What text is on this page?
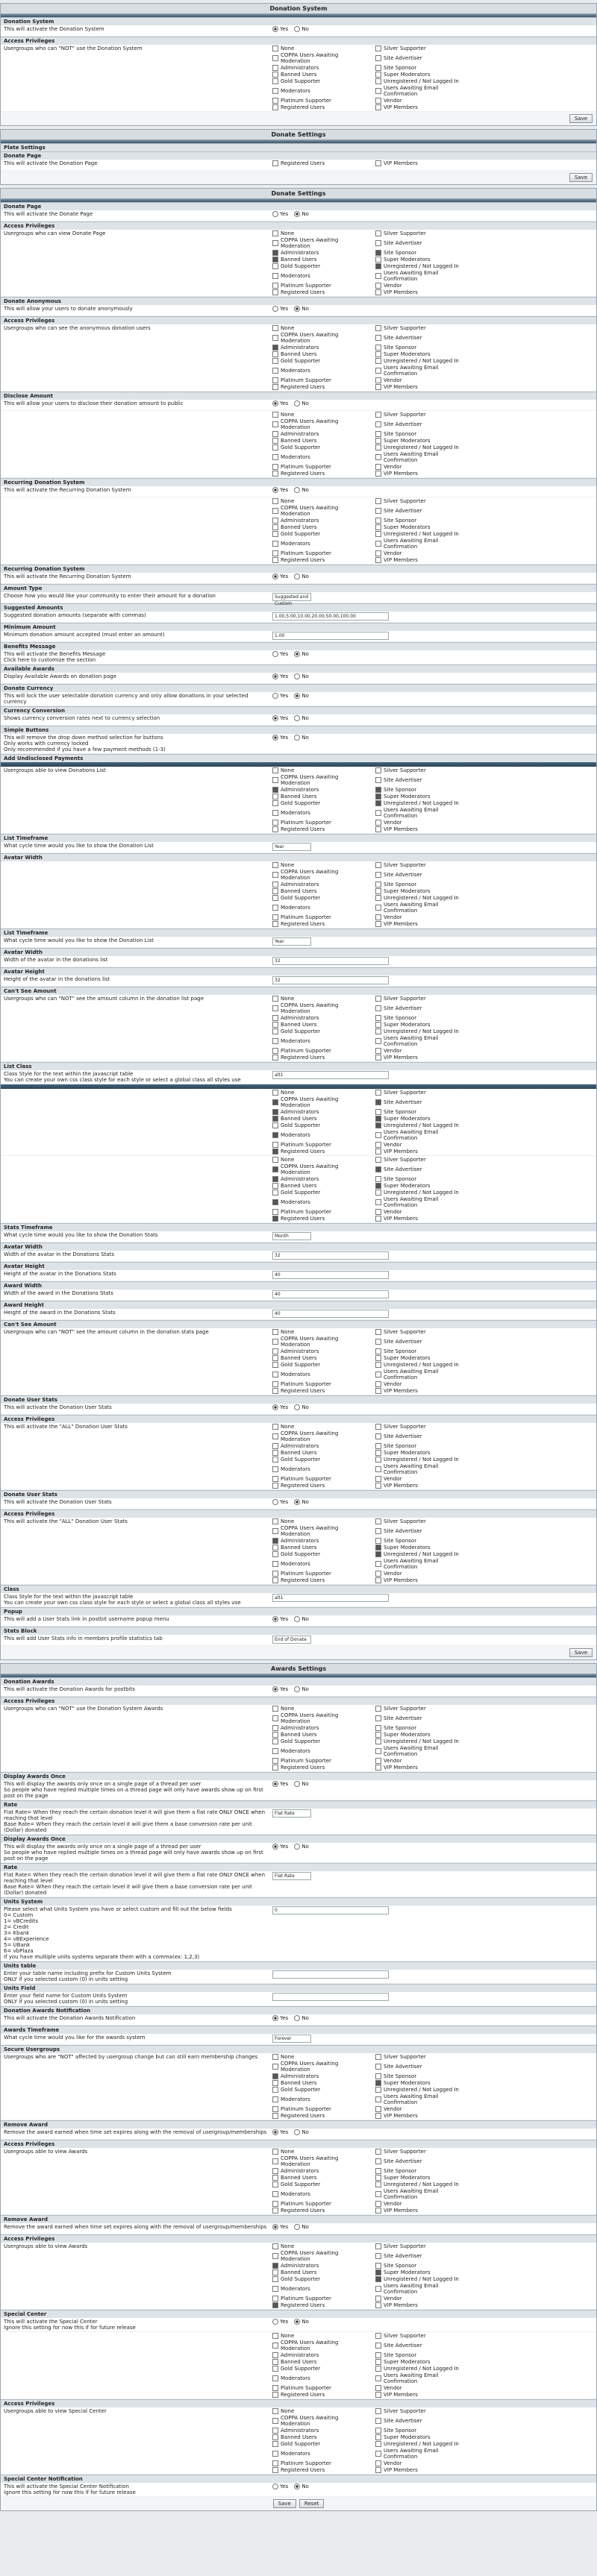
Donation System
Donation System
This will activate the Donation System	Yes	No
Access Privileges
Usergroups who can "NOT" use the Donation System	None	Silver Supporter
COPPA Users Awaiting Moderation	Site Advertiser
Administrators	Site Sponsor
Banned Users	Super Moderators
Gold Supporter	Unregistered / Not Logged In
Moderators	Users Awaiting Email Confirmation
Platinum Supporter	Vendor
Registered Users	VIP Members
Save
Donate Settings
Plate Settings
Donate Page
This will activate the Donation Page	Registered Users	VIP Members
Save
Donate Settings
Donate Page
This will activate the Donate Page	Yes	No
Access Privileges
Usergroups who can view Donate Page	None	Silver Supporter
COPPA Users Awaiting Moderation	Site Advertiser
Administrators	Site Sponsor
Banned Users	Super Moderators
Gold Supporter	Unregistered / Not Logged In
Moderators	Users Awaiting Email Confirmation
Platinum Supporter	Vendor
Registered Users	VIP Members
Donate Anonymous
This will allow your users to donate anonymously	Yes	No
Access Privileges
Usergroups who can see the anonymous donation users	None	Silver Supporter
COPPA Users Awaiting Moderation	Site Advertiser
Administrators	Site Sponsor
Banned Users	Super Moderators
Gold Supporter	Unregistered / Not Logged In
Moderators	Users Awaiting Email Confirmation
Platinum Supporter	Vendor
Registered Users	VIP Members
Disclose Amount
This will allow your users to disclose their donation amount to public	Yes	No
None	Silver Supporter
COPPA Users Awaiting Moderation	Site Advertiser
Administrators	Site Sponsor
Banned Users	Super Moderators
Gold Supporter	Unregistered / Not Logged In
Moderators	Users Awaiting Email Confirmation
Platinum Supporter	Vendor
Registered Users	VIP Members
Recurring Donation System
This will activate the Recurring Donation System	Yes	No
None	Silver Supporter
COPPA Users Awaiting Moderation	Site Advertiser
Administrators	Site Sponsor
Banned Users	Super Moderators
Gold Supporter	Unregistered / Not Logged In
Moderators	Users Awaiting Email Confirmation
Platinum Supporter	Vendor
Registered Users	VIP Members
Recurring Donation System
This will activate the Recurring Donation System	Yes	No
Amount Type
Choose how you would like your community to enter their amount for a donation	Suggested and Custom
Suggested Amounts
Suggested donation amounts (separate with commas)	1.00,5.00,10.00,20.00,50.00,100.00
Minimum Amount
Minimum donation amount accepted (must enter an amount)	1.00
Benefits Message
This will activate the Benefits Message
Click here to customize the section
Yes	No
Available Awards
Display Available Awards on donation page	Yes	No
Donate Currency
This will lock the user selectable donation currency and only allow donations in your selected currency
Yes	No
Currency Conversion
Shows currency conversion rates next to currency selection	Yes	No
Simple Buttons
This will remove the drop down method selection for buttons
Only works with currency locked
Only recommended if you have a few payment methods (1-3)
Yes	No
Add Undisclosed Payments
Usergroups able to view Donations List	None	Silver Supporter
COPPA Users Awaiting Moderation	Site Advertiser
Administrators	Site Sponsor
Banned Users	Super Moderators
Gold Supporter	Unregistered / Not Logged In
Moderators	Users Awaiting Email Confirmation
Platinum Supporter	Vendor
Registered Users	VIP Members
List Timeframe
What cycle time would you like to show the Donation List	Year
Avatar Width
None	Silver Supporter
COPPA Users Awaiting Moderation	Site Advertiser
Administrators	Site Sponsor
Banned Users	Super Moderators
Gold Supporter	Unregistered / Not Logged In
Moderators	Users Awaiting Email Confirmation
Platinum Supporter	Vendor
Registered Users	VIP Members
List Timeframe
What cycle time would you like to show the Donation List	Year
Avatar Width
Width of the avatar in the donations list	32
Avatar Height
Height of the avatar in the donations list	32
Can't See Amount
Usergroups who can "NOT" see the amount column in the donation list page	None	Silver Supporter
COPPA Users Awaiting Moderation	Site Advertiser
Administrators	Site Sponsor
Banned Users	Super Moderators
Gold Supporter	Unregistered / Not Logged In
Moderators	Users Awaiting Email Confirmation
Platinum Supporter	Vendor
Registered Users	VIP Members
List Class
Class Style for the text within the javascript table
You can create your own css class style for each style or select a global class all styles use
alt1
None	Silver Supporter
COPPA Users Awaiting Moderation	Site Advertiser
Administrators	Site Sponsor
Banned Users	Super Moderators
Gold Supporter	Unregistered / Not Logged In
Moderators	Users Awaiting Email Confirmation
Platinum Supporter	Vendor
Registered Users	VIP Members
None	Silver Supporter
COPPA Users Awaiting Moderation	Site Advertiser
Administrators	Site Sponsor
Banned Users	Super Moderators
Gold Supporter	Unregistered / Not Logged In
Moderators	Users Awaiting Email Confirmation
Platinum Supporter	Vendor
Registered Users	VIP Members
Stats Timeframe
What cycle time would you like to show the Donation Stats	Month
Avatar Width
Width of the avatar in the Donations Stats	32
Avatar Height
Height of the avatar in the Donations Stats	40
Award Width
Width of the award in the Donations Stats	40
Award Height
Height of the award in the Donations Stats	40
Can't See Amount
Usergroups who can "NOT" see the amount column in the donation stats page	None	Silver Supporter
COPPA Users Awaiting Moderation	Site Advertiser
Administrators	Site Sponsor
Banned Users	Super Moderators
Gold Supporter	Unregistered / Not Logged In
Moderators	Users Awaiting Email Confirmation
Platinum Supporter	Vendor
Registered Users	VIP Members
Donate User Stats
This will activate the Donation User Stats	Yes	No
Access Privileges
This will activate the "ALL" Donation User Stats	None	Silver Supporter
COPPA Users Awaiting Moderation	Site Advertiser
Administrators	Site Sponsor
Banned Users	Super Moderators
Gold Supporter	Unregistered / Not Logged In
Moderators	Users Awaiting Email Confirmation
Platinum Supporter	Vendor
Registered Users	VIP Members
Donate User Stats
This will activate the Donation User Stats	Yes	No
Access Privileges
This will activate the "ALL" Donation User Stats	None	Silver Supporter
COPPA Users Awaiting Moderation	Site Advertiser
Administrators	Site Sponsor
Banned Users	Super Moderators
Gold Supporter	Unregistered / Not Logged In
Moderators	Users Awaiting Email Confirmation
Platinum Supporter	Vendor
Registered Users	VIP Members
Class
Class Style for the text within the javascript table
You can create your own css class style for each style or select a global class all styles use
alt1
Popup
This will add a User Stats link in postbit username popup menu	Yes	No
Stats Block
This will add User Stats info in members profile statistics tab	End of Donate
Save
Awards Settings
Donation Awards
This will activate the Donation Awards for postbits	Yes	No
Access Privileges
Usergroups who can "NOT" use the Donation System Awards	None	Silver Supporter
COPPA Users Awaiting Moderation	Site Advertiser
Administrators	Site Sponsor
Banned Users	Super Moderators
Gold Supporter	Unregistered / Not Logged In
Moderators	Users Awaiting Email Confirmation
Platinum Supporter	Vendor
Registered Users	VIP Members
Display Awards Once
This will display the awards only once on a single page of a thread per user
So people who have replied multiple times on a thread page will only have awards show up on first post on the page
Yes	No
Rate
Flat Rate= When they reach the certain donation level it will give them a flat rate ONLY ONCE when reaching that level
Base Rate= When they reach the certain level it will give them a base conversion rate per unit (Dollar) donated
Flat Rate
Display Awards Once
This will display the awards only once on a single page of a thread per user
So people who have replied multiple times on a thread page will only have awards show up on first post on the page
Yes	No
Rate
Flat Rate= When they reach the certain donation level it will give them a flat rate ONLY ONCE when reaching that level
Base Rate= When they reach the certain level it will give them a base conversion rate per unit (Dollar) donated
Flat Rate
Units System
Please select what Units System you have or select custom and fill out the below fields
0= Custom
1= vBCredits
2= Credit
3= Kbank
4= vBExperience
5= UBank
6= vbPlaza
If you have multiple units systems separate them with a comma(ex: 1,2,3)
0
Units table
Enter your table name including prefix for Custom Units System
ONLY if you selected custom (0) in units setting
Units Field
Enter your field name for Custom Units System
ONLY if you selected custom (0) in units setting
Donation Awards Notification
This will activate the Donation Awards Notification	Yes	No
Awards Timeframe
What cycle time would you like for the awards system	Forever
Secure Usergroups
Usergroups who are "NOT" affected by usergroup change but can still earn membership changes	None	Silver Supporter
COPPA Users Awaiting Moderation	Site Advertiser
Administrators	Site Sponsor
Banned Users	Super Moderators
Gold Supporter	Unregistered / Not Logged In
Moderators	Users Awaiting Email Confirmation
Platinum Supporter	Vendor
Registered Users	VIP Members
Remove Award
Remove the award earned when time set expires along with the removal of usergroup/memberships	Yes	No
Access Privileges
Usergroups able to view Awards	None	Silver Supporter
COPPA Users Awaiting Moderation	Site Advertiser
Administrators	Site Sponsor
Banned Users	Super Moderators
Gold Supporter	Unregistered / Not Logged In
Moderators	Users Awaiting Email Confirmation
Platinum Supporter	Vendor
Registered Users	VIP Members
Remove Award
Remove the award earned when time set expires along with the removal of usergroup/memberships	Yes	No
Access Privileges
Usergroups able to view Awards	None	Silver Supporter
COPPA Users Awaiting Moderation	Site Advertiser
Administrators	Site Sponsor
Banned Users	Super Moderators
Gold Supporter	Unregistered / Not Logged In
Moderators	Users Awaiting Email Confirmation
Platinum Supporter	Vendor
Registered Users	VIP Members
Special Center
This will activate the Special Center
Ignore this setting for now this if for future release
Yes	No
None	Silver Supporter
COPPA Users Awaiting Moderation	Site Advertiser
Administrators	Site Sponsor
Banned Users	Super Moderators
Gold Supporter	Unregistered / Not Logged In
Moderators	Users Awaiting Email Confirmation
Platinum Supporter	Vendor
Registered Users	VIP Members
Access Privileges
Usergroups able to view Special Center	None	Silver Supporter
COPPA Users Awaiting Moderation	Site Advertiser
Administrators	Site Sponsor
Banned Users	Super Moderators
Gold Supporter	Unregistered / Not Logged In
Moderators	Users Awaiting Email Confirmation
Platinum Supporter	Vendor
Registered Users	VIP Members
Special Center Notification
This will activate the Special Center Notification
Ignore this setting for now this if for future release
Yes	No
Save	Reset
